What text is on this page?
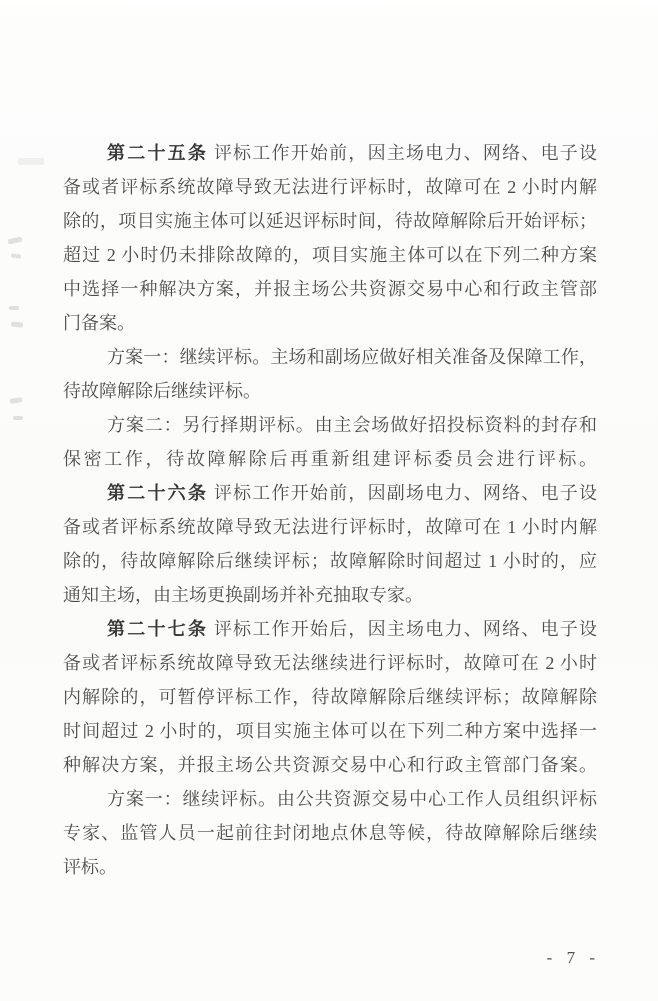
第二十五条 评标工作开始前，因主场电力、网络、电子设
备或者评标系统故障导致无法进行评标时，故障可在 2 小时内解
除的，项目实施主体可以延迟评标时间，待故障解除后开始评标；
超过 2 小时仍未排除故障的，项目实施主体可以在下列二种方案
中选择一种解决方案，并报主场公共资源交易中心和行政主管部
门备案。
方案一：继续评标。主场和副场应做好相关准备及保障工作，
待故障解除后继续评标。
方案二：另行择期评标。由主会场做好招投标资料的封存和
保密工作，待故障解除后再重新组建评标委员会进行评标。
第二十六条 评标工作开始前，因副场电力、网络、电子设
备或者评标系统故障导致无法进行评标时，故障可在 1 小时内解
除的，待故障解除后继续评标；故障解除时间超过 1 小时的，应
通知主场，由主场更换副场并补充抽取专家。
第二十七条 评标工作开始后，因主场电力、网络、电子设
备或者评标系统故障导致无法继续进行评标时，故障可在 2 小时
内解除的，可暂停评标工作，待故障解除后继续评标；故障解除
时间超过 2 小时的，项目实施主体可以在下列二种方案中选择一
种解决方案，并报主场公共资源交易中心和行政主管部门备案。
方案一：继续评标。由公共资源交易中心工作人员组织评标
专家、监管人员一起前往封闭地点休息等候，待故障解除后继续
评标。
- 7 -
